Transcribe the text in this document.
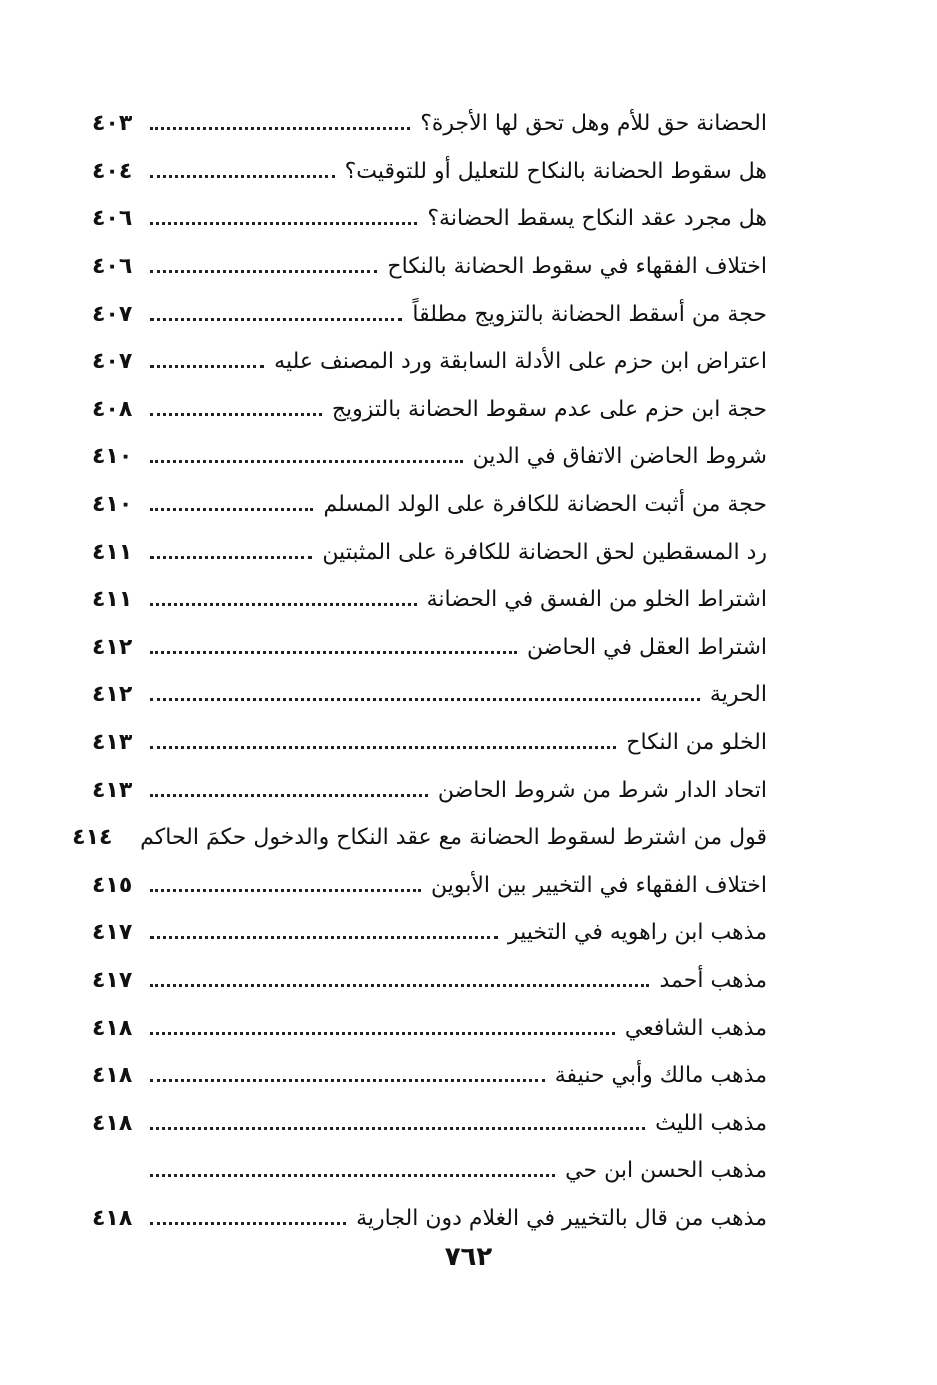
الحضانة حق للأم وهل تحق لها الأجرة؟
٤٠٣
هل سقوط الحضانة بالنكاح للتعليل أو للتوقيت؟
٤٠٤
هل مجرد عقد النكاح يسقط الحضانة؟
٤٠٦
اختلاف الفقهاء في سقوط الحضانة بالنكاح
٤٠٦
حجة من أسقط الحضانة بالتزويج مطلقاً
٤٠٧
اعتراض ابن حزم على الأدلة السابقة ورد المصنف عليه
٤٠٧
حجة ابن حزم على عدم سقوط الحضانة بالتزويج
٤٠٨
شروط الحاضن الاتفاق في الدين
٤١٠
حجة من أثبت الحضانة للكافرة على الولد المسلم
٤١٠
رد المسقطين لحق الحضانة للكافرة على المثبتين
٤١١
اشتراط الخلو من الفسق في الحضانة
٤١١
اشتراط العقل في الحاضن
٤١٢
الحرية
٤١٢
الخلو من النكاح
٤١٣
اتحاد الدار شرط من شروط الحاضن
٤١٣
قول من اشترط لسقوط الحضانة مع عقد النكاح والدخول حكمَ الحاكم
٤١٤
اختلاف الفقهاء في التخيير بين الأبوين
٤١٥
مذهب ابن راهويه في التخيير
٤١٧
مذهب أحمد
٤١٧
مذهب الشافعي
٤١٨
مذهب مالك وأبي حنيفة
٤١٨
مذهب الليث
٤١٨
مذهب الحسن ابن حي
مذهب من قال بالتخيير في الغلام دون الجارية
٤١٨
٧٦٢
